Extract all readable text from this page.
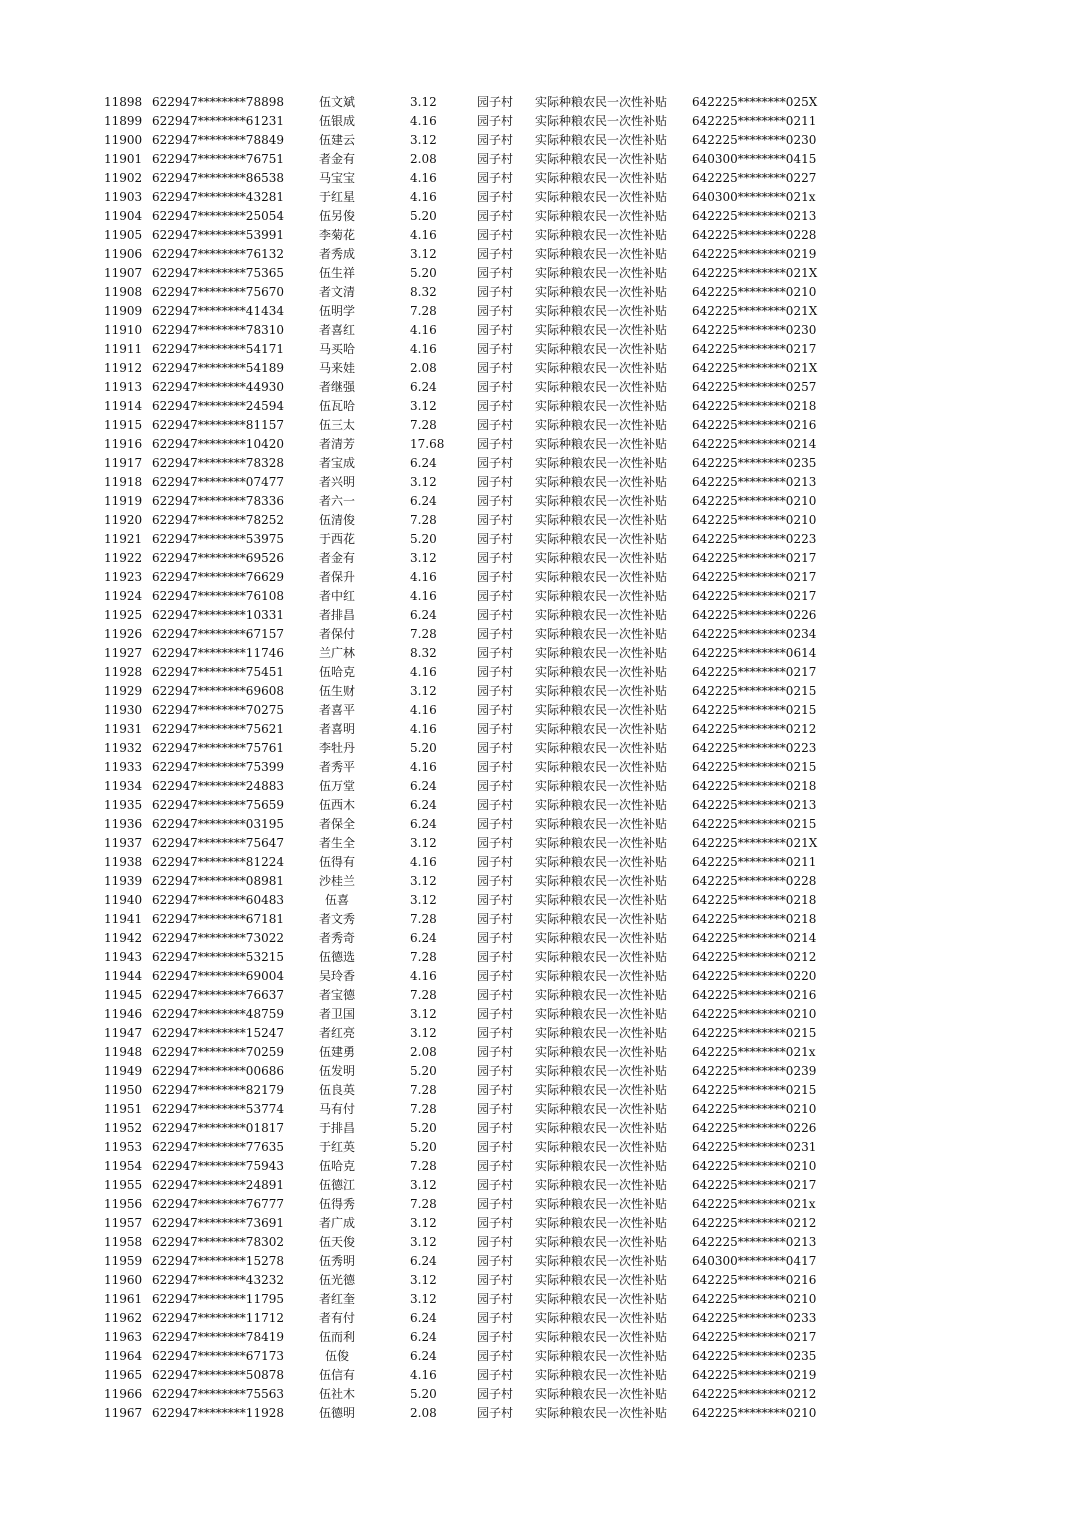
11898 622947********78898	伍文斌	3.12	园子村 实际种粮农民一次性补贴 642225********025X
11899 622947********61231	伍银成	4.16	园子村 实际种粮农民一次性补贴 642225********0211
11900 622947********78849	伍建云	3.12	园子村 实际种粮农民一次性补贴 642225********0230
11901 622947********76751	者金有	2.08	园子村 实际种粮农民一次性补贴 640300********0415
11902 622947********86538	马宝宝	4.16	园子村 实际种粮农民一次性补贴 642225********0227
11903 622947********43281	于红星	4.16	园子村 实际种粮农民一次性补贴 640300********021x
11904 622947********25054	伍另俊	5.20	园子村 实际种粮农民一次性补贴 642225********0213
11905 622947********53991	李菊花	4.16	园子村 实际种粮农民一次性补贴 642225********0228
11906 622947********76132	者秀成	3.12	园子村 实际种粮农民一次性补贴 642225********0219
11907 622947********75365	伍生祥	5.20	园子村 实际种粮农民一次性补贴 642225********021X
11908 622947********75670	者文清	8.32	园子村 实际种粮农民一次性补贴 642225********0210
11909 622947********41434	伍明学	7.28	园子村 实际种粮农民一次性补贴 642225********021X
11910 622947********78310	者喜红	4.16	园子村 实际种粮农民一次性补贴 642225********0230
11911 622947********54171	马买哈	4.16	园子村 实际种粮农民一次性补贴 642225********0217
11912 622947********54189	马来娃	2.08	园子村 实际种粮农民一次性补贴 642225********021X
11913 622947********44930	者继强	6.24	园子村 实际种粮农民一次性补贴 642225********0257
11914 622947********24594	伍瓦哈	3.12	园子村 实际种粮农民一次性补贴 642225********0218
11915 622947********81157	伍三太	7.28	园子村 实际种粮农民一次性补贴 642225********0216
11916 622947********10420	者清芳	17.68	园子村 实际种粮农民一次性补贴 642225********0214
11917 622947********78328	者宝成	6.24	园子村 实际种粮农民一次性补贴 642225********0235
11918 622947********07477	者兴明	3.12	园子村 实际种粮农民一次性补贴 642225********0213
11919 622947********78336	者六一	6.24	园子村 实际种粮农民一次性补贴 642225********0210
11920 622947********78252	伍清俊	7.28	园子村 实际种粮农民一次性补贴 642225********0210
11921 622947********53975	于西花	5.20	园子村 实际种粮农民一次性补贴 642225********0223
11922 622947********69526	者金有	3.12	园子村 实际种粮农民一次性补贴 642225********0217
11923 622947********76629	者保升	4.16	园子村 实际种粮农民一次性补贴 642225********0217
11924 622947********76108	者中红	4.16	园子村 实际种粮农民一次性补贴 642225********0217
11925 622947********10331	者排昌	6.24	园子村 实际种粮农民一次性补贴 642225********0226
11926 622947********67157	者保付	7.28	园子村 实际种粮农民一次性补贴 642225********0234
11927 622947********11746	兰广林	8.32	园子村 实际种粮农民一次性补贴 642225********0614
11928 622947********75451	伍哈克	4.16	园子村 实际种粮农民一次性补贴 642225********0217
11929 622947********69608	伍生财	3.12	园子村 实际种粮农民一次性补贴 642225********0215
11930 622947********70275	者喜平	4.16	园子村 实际种粮农民一次性补贴 642225********0215
11931 622947********75621	者喜明	4.16	园子村 实际种粮农民一次性补贴 642225********0212
11932 622947********75761	李牡丹	5.20	园子村 实际种粮农民一次性补贴 642225********0223
11933 622947********75399	者秀平	4.16	园子村 实际种粮农民一次性补贴 642225********0215
11934 622947********24883	伍万堂	6.24	园子村 实际种粮农民一次性补贴 642225********0218
11935 622947********75659	伍西木	6.24	园子村 实际种粮农民一次性补贴 642225********0213
11936 622947********03195	者保全	6.24	园子村 实际种粮农民一次性补贴 642225********0215
11937 622947********75647	者生全	3.12	园子村 实际种粮农民一次性补贴 642225********021X
11938 622947********81224	伍得有	4.16	园子村 实际种粮农民一次性补贴 642225********0211
11939 622947********08981	沙桂兰	3.12	园子村 实际种粮农民一次性补贴 642225********0228
11940 622947********60483	伍喜	3.12	园子村 实际种粮农民一次性补贴 642225********0218
11941 622947********67181	者文秀	7.28	园子村 实际种粮农民一次性补贴 642225********0218
11942 622947********73022	者秀奇	6.24	园子村 实际种粮农民一次性补贴 642225********0214
11943 622947********53215	伍德选	7.28	园子村 实际种粮农民一次性补贴 642225********0212
11944 622947********69004	吴玲香	4.16	园子村 实际种粮农民一次性补贴 642225********0220
11945 622947********76637	者宝德	7.28	园子村 实际种粮农民一次性补贴 642225********0216
11946 622947********48759	者卫国	3.12	园子村 实际种粮农民一次性补贴 642225********0210
11947 622947********15247	者红亮	3.12	园子村 实际种粮农民一次性补贴 642225********0215
11948 622947********70259	伍建勇	2.08	园子村 实际种粮农民一次性补贴 642225********021x
11949 622947********00686	伍发明	5.20	园子村 实际种粮农民一次性补贴 642225********0239
11950 622947********82179	伍良英	7.28	园子村 实际种粮农民一次性补贴 642225********0215
11951 622947********53774	马有付	7.28	园子村 实际种粮农民一次性补贴 642225********0210
11952 622947********01817	于排昌	5.20	园子村 实际种粮农民一次性补贴 642225********0226
11953 622947********77635	于红英	5.20	园子村 实际种粮农民一次性补贴 642225********0231
11954 622947********75943	伍哈克	7.28	园子村 实际种粮农民一次性补贴 642225********0210
11955 622947********24891	伍德江	3.12	园子村 实际种粮农民一次性补贴 642225********0217
11956 622947********76777	伍得秀	7.28	园子村 实际种粮农民一次性补贴 642225********021x
11957 622947********73691	者广成	3.12	园子村 实际种粮农民一次性补贴 642225********0212
11958 622947********78302	伍天俊	3.12	园子村 实际种粮农民一次性补贴 642225********0213
11959 622947********15278	伍秀明	6.24	园子村 实际种粮农民一次性补贴 640300********0417
11960 622947********43232	伍光德	3.12	园子村 实际种粮农民一次性补贴 642225********0216
11961 622947********11795	者红奎	3.12	园子村 实际种粮农民一次性补贴 642225********0210
11962 622947********11712	者有付	6.24	园子村 实际种粮农民一次性补贴 642225********0233
11963 622947********78419	伍而利	6.24	园子村 实际种粮农民一次性补贴 642225********0217
11964 622947********67173	伍俊	6.24	园子村 实际种粮农民一次性补贴 642225********0235
11965 622947********50878	伍信有	4.16	园子村 实际种粮农民一次性补贴 642225********0219
11966 622947********75563	伍社木	5.20	园子村 实际种粮农民一次性补贴 642225********0212
11967 622947********11928	伍德明	2.08	园子村 实际种粮农民一次性补贴 642225********0210
